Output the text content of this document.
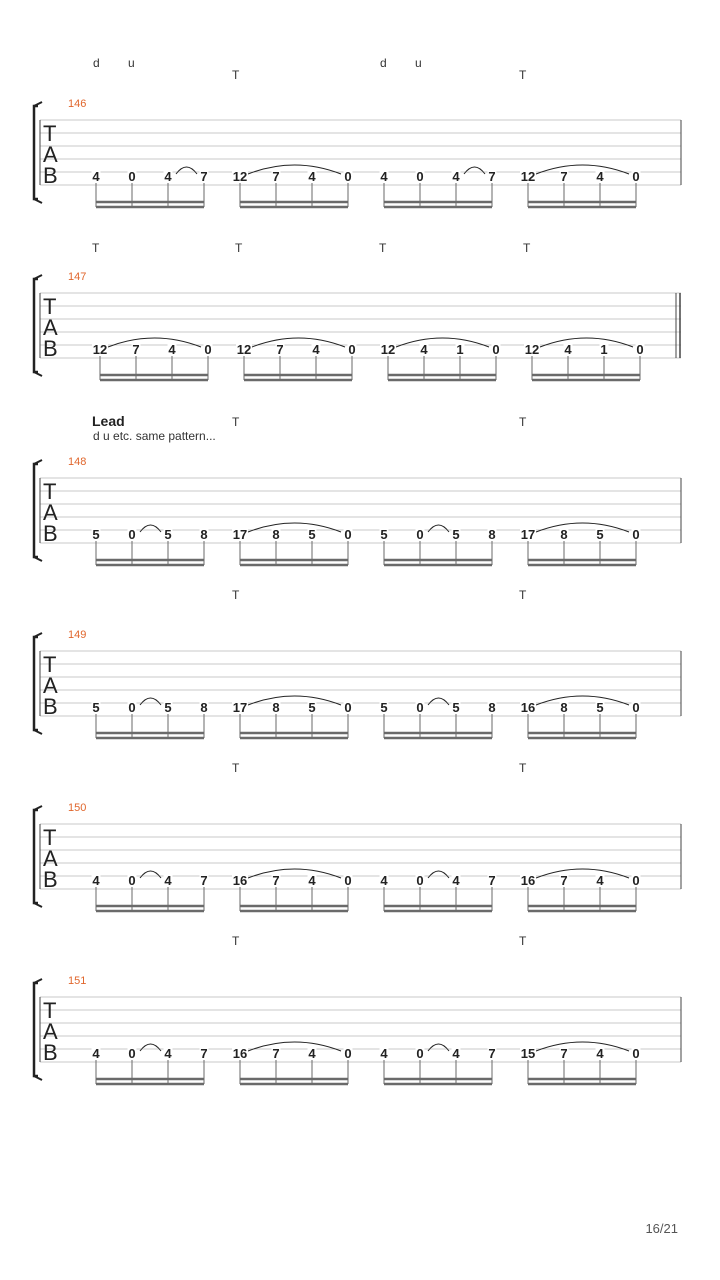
d u
T
d u
T
146
T
A
B	4 0 4 7 12 7 4 0 4 0 4 7 12 7 4 0
T	T	T	T
147
T
A
B	12 7 4 0 12 7 4 0 12 4 1 0 12 4 1 0
Lead
d u etc. same pattern...
T	T
148
T
A
B	5 0 5 8 17 8 5 0 5 0 5 8 17 8 5 0
T	T
149
T
A
B	5 0 5 8 17 8 5 0 5 0 5 8 16 8 5 0
T	T
150
T
A
B	4 0 4 7 16 7 4 0 4 0 4 7 16 7 4 0
T	T
151
T
A
B	4 0 4 7 16 7 4 0 4 0 4 7 15 7 4 0
16/21
